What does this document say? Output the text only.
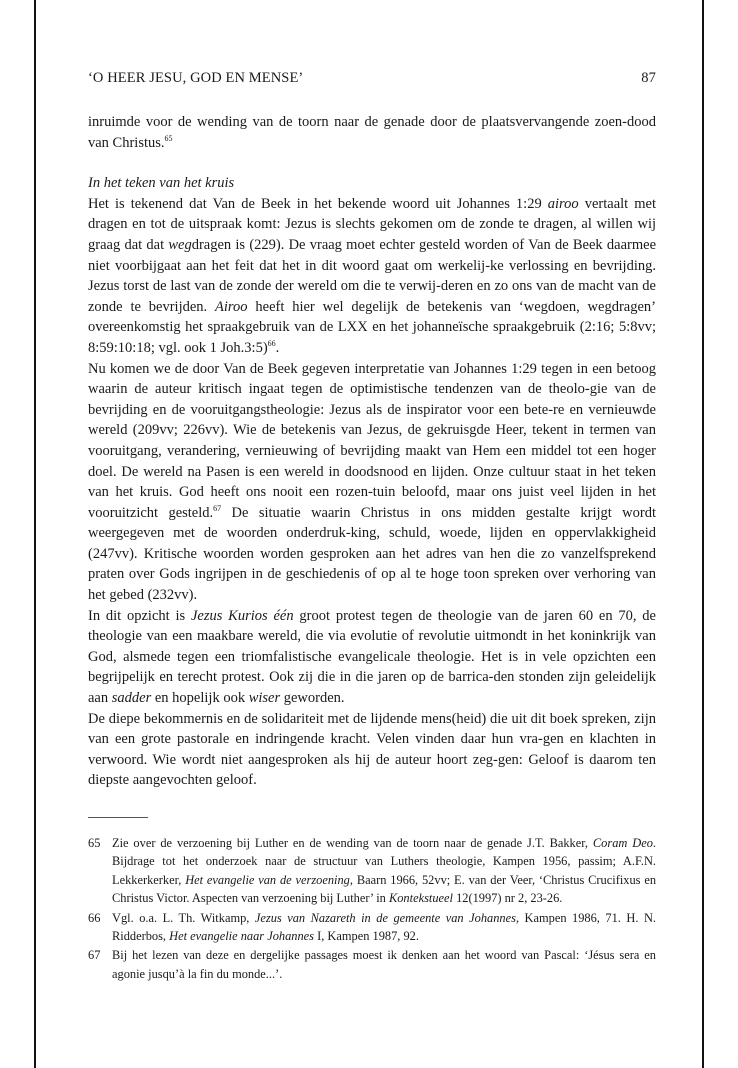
‘O HEER JESU, GOD EN MENSE’	87

inruimde voor de wending van de toorn naar de genade door de plaatsvervangende zoen-dood van Christus.$^{65}$

In het teken van het kruis

Het is tekenend dat Van de Beek in het bekende woord uit Johannes 1:29 airoo vertaalt met dragen en tot de uitspraak komt: Jezus is slechts gekomen om de zonde te dragen, al willen wij graag dat dat wegdragen is (229). De vraag moet echter gesteld worden of Van de Beek daarmee niet voorbijgaat aan het feit dat het in dit woord gaat om werkelij-ke verlossing en bevrijding. Jezus torst de last van de zonde der wereld om die te verwij-deren en zo ons van de macht van de zonde te bevrijden. Airoo heeft hier wel degelijk de betekenis van ‘wegdoen, wegdragen’ overeenkomstig het spraakgebruik van de LXX en het johanneïsche spraakgebruik (2:16; 5:8vv; 8:59:10:18; vgl. ook 1 Joh.3:5)$^{66}$.

Nu komen we de door Van de Beek gegeven interpretatie van Johannes 1:29 tegen in een betoog waarin de auteur kritisch ingaat tegen de optimistische tendenzen van de theolo-gie van de bevrijding en de vooruitgangstheologie: Jezus als de inspirator voor een bete-re en vernieuwde wereld (209vv; 226vv). Wie de betekenis van Jezus, de gekruisgde Heer, tekent in termen van vooruitgang, verandering, vernieuwing of bevrijding maakt van Hem een middel tot een hoger doel. De wereld na Pasen is een wereld in doodsnood en lijden. Onze cultuur staat in het teken van het kruis. God heeft ons nooit een rozen-tuin beloofd, maar ons juist veel lijden in het vooruitzicht gesteld.$^{67}$ De situatie waarin Christus in ons midden gestalte krijgt wordt weergegeven met de woorden onderdruk-king, schuld, woede, lijden en oppervlakkigheid (247vv). Kritische woorden worden gesproken aan het adres van hen die zo vanzelfsprekend praten over Gods ingrijpen in de geschiedenis of op al te hoge toon spreken over verhoring van het gebed (232vv).

In dit opzicht is Jezus Kurios één groot protest tegen de theologie van de jaren 60 en 70, de theologie van een maakbare wereld, die via evolutie of revolutie uitmondt in het koninkrijk van God, alsmede tegen een triomfalistische evangelicale theologie. Het is in vele opzichten een begrijpelijk en terecht protest. Ook zij die in die jaren op de barrica-den stonden zijn geleidelijk aan sadder en hopelijk ook wiser geworden.

De diepe bekommernis en de solidariteit met de lijdende mens(heid) die uit dit boek spreken, zijn van een grote pastorale en indringende kracht. Velen vinden daar hun vra-gen en klachten in verwoord. Wie wordt niet aangesproken als hij de auteur hoort zeg-gen: Geloof is daarom ten diepste aangevochten geloof.

65 Zie over de verzoening bij Luther en de wending van de toorn naar de genade J.T. Bakker, Coram Deo. Bijdrage tot het onderzoek naar de structuur van Luthers theologie, Kampen 1956, passim; A.F.N. Lekkerkerker, Het evangelie van de verzoening, Baarn 1966, 52vv; E. van der Veer, ‘Christus Crucifixus en Christus Victor. Aspecten van verzoening bij Luther’ in Kontekstueel 12(1997) nr 2, 23-26.
66 Vgl. o.a. L. Th. Witkamp, Jezus van Nazareth in de gemeente van Johannes, Kampen 1986, 71. H. N. Ridderbos, Het evangelie naar Johannes I, Kampen 1987, 92.
67 Bij het lezen van deze en dergelijke passages moest ik denken aan het woord van Pascal: ‘Jésus sera en agonie jusqu’à la fin du monde...’.
